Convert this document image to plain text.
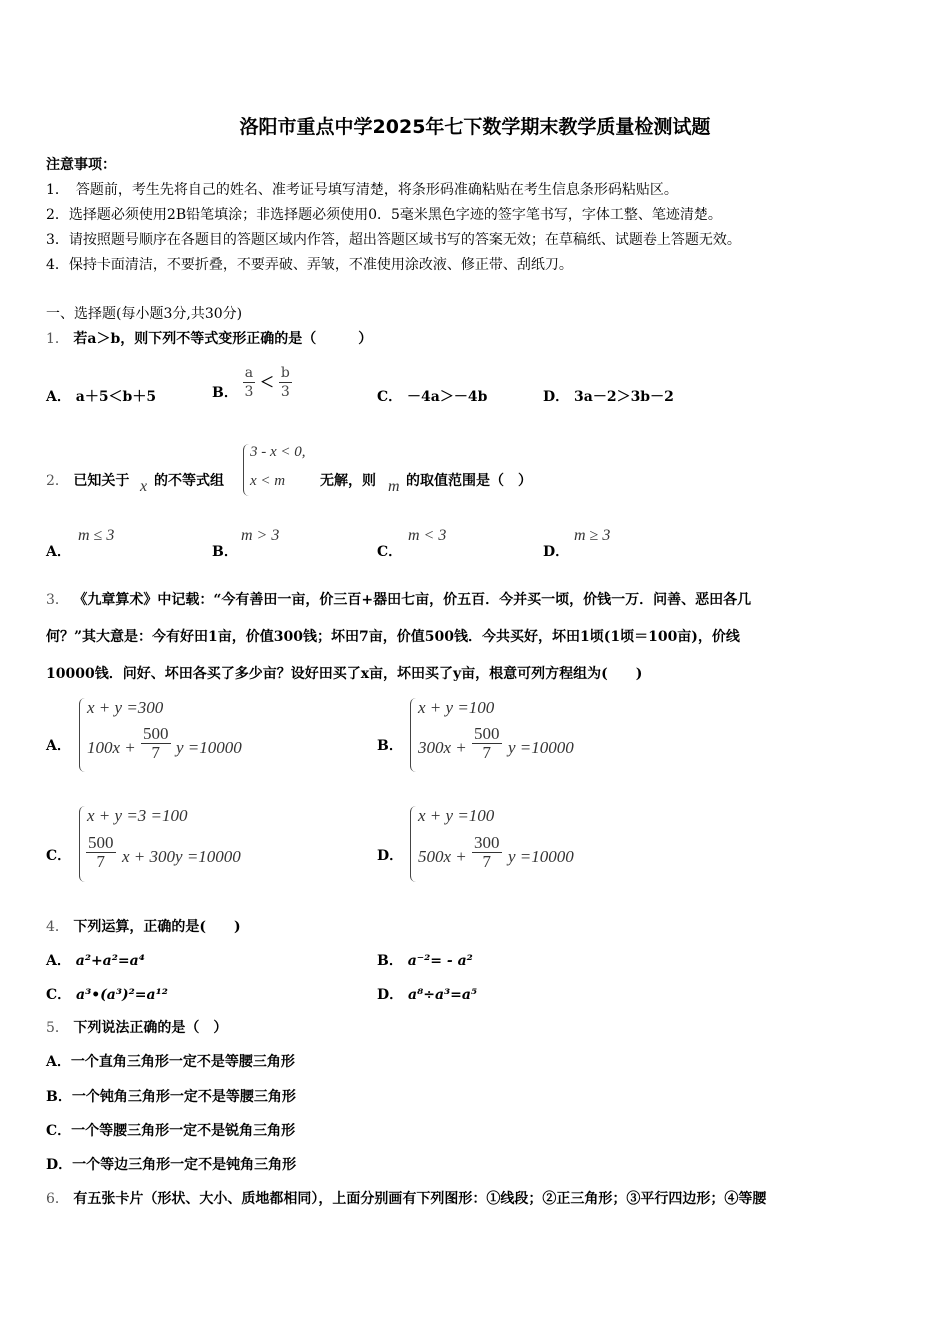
洛阳市重点中学2025年七下数学期末教学质量检测试题
注意事项：
1．　答题前，考生先将自己的姓名、准考证号填写清楚，将条形码准确粘贴在考生信息条形码粘贴区。
2．选择题必须使用2B铅笔填涂；非选择题必须使用0．5毫米黑色字迹的签字笔书写，字体工整、笔迹清楚。
3．请按照题号顺序在各题目的答题区域内作答，超出答题区域书写的答案无效；在草稿纸、试题卷上答题无效。
4．保持卡面清洁，不要折叠，不要弄破、弄皱，不准使用涂改液、修正带、刮纸刀。
一、选择题(每小题3分,共30分)
1． 若a＞b，则下列不等式变形正确的是（　　　）
A． a＋5＜b＋5	B． $\frac{a}{3} < \frac{b}{3}$	C． －4a＞－4b	D． 3a－2＞3b－2
2． 已知关于 x 的不等式组
3 - x < 0,
x < m 无解，则 m 的取值范围是（　）
A．
m ≤ 3
B．
m > 3
C．
m < 3
D．
m ≥ 3
3． 《九章算术》中记载：“今有善田一亩，价三百+器田七亩，价五百．今并买一顷，价钱一万．问善、恶田各几
何？”其大意是：今有好田1亩，价值300钱；坏田7亩，价值500钱．今共买好，坏田1顷(1顷＝100亩)，价线
10000钱．问好、坏田各买了多少亩？设好田买了x亩，坏田买了y亩，根意可列方程组为(　　)
A．
x + y =300
$100x + \frac{500}{7}$ y =10000	B．
x + y =100
$300x + \frac{500}{7}$ y =10000
C．
x + y =3 =100
$\frac{500}{7}$ x + 300y =10000	D．
x + y =100
$500x + \frac{300}{7}$ y =10000
4． 下列运算，正确的是(　　)
A． a²+a²=a⁴	B． a⁻²= - a²
C． a³•(a³)²=a¹²	D． a⁸÷a³=a⁵
5． 下列说法正确的是（　）
A．一个直角三角形一定不是等腰三角形
B．一个钝角三角形一定不是等腰三角形
C．一个等腰三角形一定不是锐角三角形
D．一个等边三角形一定不是钝角三角形
6． 有五张卡片（形状、大小、质地都相同），上面分别画有下列图形：①线段；②正三角形；③平行四边形；④等腰
